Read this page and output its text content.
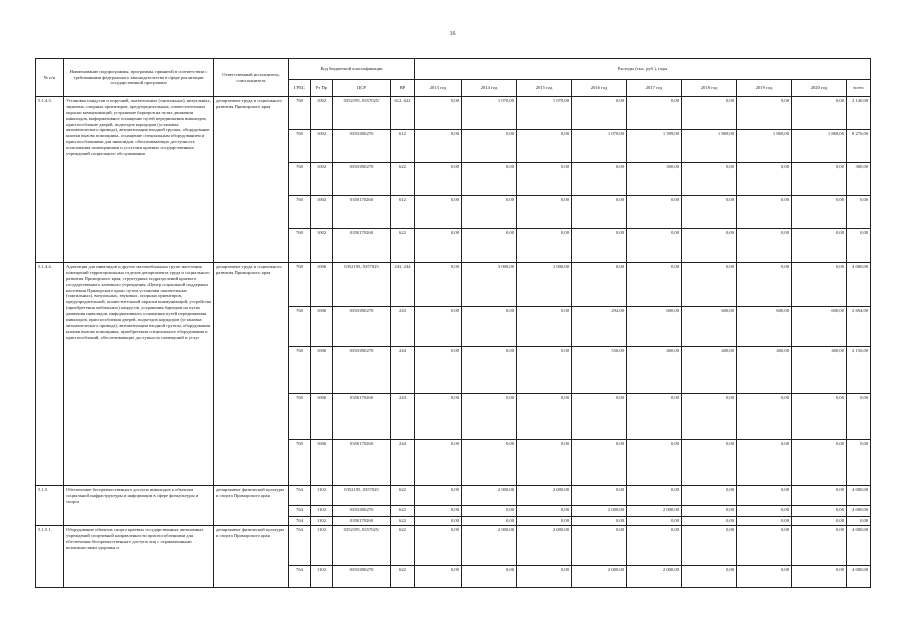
16
№ п/п	Наименование подпрограммы, программы, принятой в соответствии с требованиями федерального законодательства в сфере реализации государственной программы	Ответственный исполнитель, соисполнитель	Код бюджетной классификации				Расходы (тыс. руб.), годы								
			ГРБС	Рз Пр	ЦСР	ВР	2013 год	2014 год	2015 год	2016 год	2017 год	2018 год	2019 год	2020 год	всего
5.1.4.3.	Установка пандусов и поручней, оказательных (тактильных), визуальных, звуковых, опорных ориентиров, предупредительных, оповестительных окраски коммуникаций, устранение барьеров на путях движения инвалидов, информативное оснащение путей передвижения инвалидов, приспособление дверей, подъездов коридоров (установка автоматического привода), автоматизация входной группы, оборудование кнопки вызова помощника, оснащение специальным оборудованием и приспособлениями для инвалидов, обеспечивающих доступность пользования помещениями и услугами краевых государственных учреждений социального обслуживания	департамент труда и социального развития Приморского края	760	1002	0352195, 0357025/	612, 622	0,00	1 070,00	1 070,00	0,00	0,00	0,00	0,00	0,00	2 140,00
			760	1002	03501R0270	612	0,00	0,00	0,00	1 070,00	1 599,00	1 869,00	1 869,00	1 869,00	8 276,00
			760	1002	03501R0270	622	0,00	0,00	0,00	0,00	300,00	0,00	0,00	0,00	300,00
			760	1002	0350170260	612	0,00	0,00	0,00	0,00	0,00	0,00	0,00	0,00	0,00
			760	1002	0350170260	622	0,00	0,00	0,00	0,00	0,00	0,00	0,00	0,00	0,00
5.1.4.4.	Адаптация для инвалидов и других маломобильных групп населения помещений территориальных отделов департамента труда и социального развития Приморского края, структурных подразделений краевого государственного казенного учреждения «Центр социальной поддержки населения Приморского края» путем установки оказательных (тактильных), визуальных, звуковых, опорных ориентиров, предупредительной, оповестительной окраски коммуникаций, устройства (приобретения мобильных) пандусов, устранения барьеров на путях движения инвалидов, информативного оснащения путей передвижения инвалидов, приспособления дверей, подъездов коридоров (установка автоматического привода), автоматизации входной группы, оборудования кнопки вызова помощника, приобретения специального оборудования и приспособлений, обеспечивающих доступность помещений и услуг	департамент труда и социального развития Приморского края	760	1006	0352195, 0357025	243, 244	0,00	3 000,00	1 000,00	0,00	0,00	0,00	0,00	0,00	4 000,00
			760	1006	03501R0270	243	0,00	0,00	0,00	294,00	600,00	600,00	600,00	600,00	2 694,00
			760	1006	03501R0270	244	0,00	0,00	0,00	556,00	400,00	400,00	400,00	400,00	2 156,00
			760	1006	0350170260	243	0,00	0,00	0,00	0,00	0,00	0,00	0,00	0,00	0,00
			760	1006	0350170260	244	0,00	0,00	0,00	0,00	0,00	0,00	0,00	0,00	0,00
5.1.5.	Обеспечение беспрепятственного доступа инвалидов к объектам социальной инфраструктуры и информации в сфере физкультуры и спорта	департамент физической культуры и спорта Приморского края	764	1102	0352195, 0357025	622	0,00	2 000,00	2 000,00	0,00	0,00	0,00	0,00	0,00	4 000,00
			764	1102	03501R0270	622	0,00	0,00	0,00	2 000,00	2 000,00	0,00	0,00	0,00	4 000,00
			764	1102	0350170260	622	0,00	0,00	0,00	0,00	0,00	0,00	0,00	0,00	0,00
5.1.5.1.	Оборудование объектов спорта краевых государственных автономных учреждений спортивной направленности приспособлениями для обеспечения беспрепятственного доступа лиц с ограниченными возможностями здоровья и	департамент физической культуры и спорта Приморского края	764	1102	0352195, 0357025/	622	0,00	2 000,00	2 000,00	0,00	0,00	0,00	0,00	0,00	4 000,00
			764	1102	03501R0270	622	0,00	0,00	0,00	2 000,00	2 000,00	0,00	0,00	0,00	4 000,00
